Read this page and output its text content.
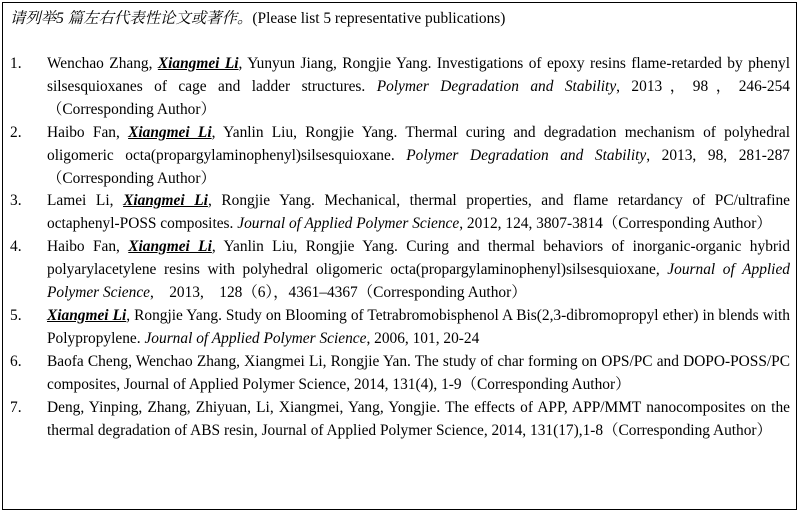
请列举5 篇左右代表性论文或著作。(Please list 5 representative publications)
1. Wenchao Zhang, Xiangmei Li, Yunyun Jiang, Rongjie Yang. Investigations of epoxy resins flame-retarded by phenyl silsesquioxanes of cage and ladder structures. Polymer Degradation and Stability, 2013，98，246-254 （Corresponding Author）
2. Haibo Fan, Xiangmei Li, Yanlin Liu, Rongjie Yang. Thermal curing and degradation mechanism of polyhedral oligomeric octa(propargylaminophenyl)silsesquioxane. Polymer Degradation and Stability, 2013, 98, 281-287（Corresponding Author）
3. Lamei Li, Xiangmei Li, Rongjie Yang. Mechanical, thermal properties, and flame retardancy of PC/ultrafine octaphenyl-POSS composites. Journal of Applied Polymer Science, 2012, 124, 3807-3814（Corresponding Author）
4. Haibo Fan, Xiangmei Li, Yanlin Liu, Rongjie Yang. Curing and thermal behaviors of inorganic-organic hybrid polyarylacetylene resins with polyhedral oligomeric octa(propargylaminophenyl)silsesquioxane, Journal of Applied Polymer Science,　2013,　128（6），4361–4367（Corresponding Author）
5. Xiangmei Li, Rongjie Yang. Study on Blooming of Tetrabromobisphenol A Bis(2,3-dibromopropyl ether) in blends with Polypropylene. Journal of Applied Polymer Science, 2006, 101, 20-24
6. Baofa Cheng, Wenchao Zhang, Xiangmei Li, Rongjie Yan. The study of char forming on OPS/PC and DOPO-POSS/PC composites, Journal of Applied Polymer Science, 2014, 131(4), 1-9（Corresponding Author）
7. Deng, Yinping, Zhang, Zhiyuan, Li, Xiangmei, Yang, Yongjie. The effects of APP, APP/MMT nanocomposites on the thermal degradation of ABS resin, Journal of Applied Polymer Science, 2014, 131(17),1-8（Corresponding Author）
